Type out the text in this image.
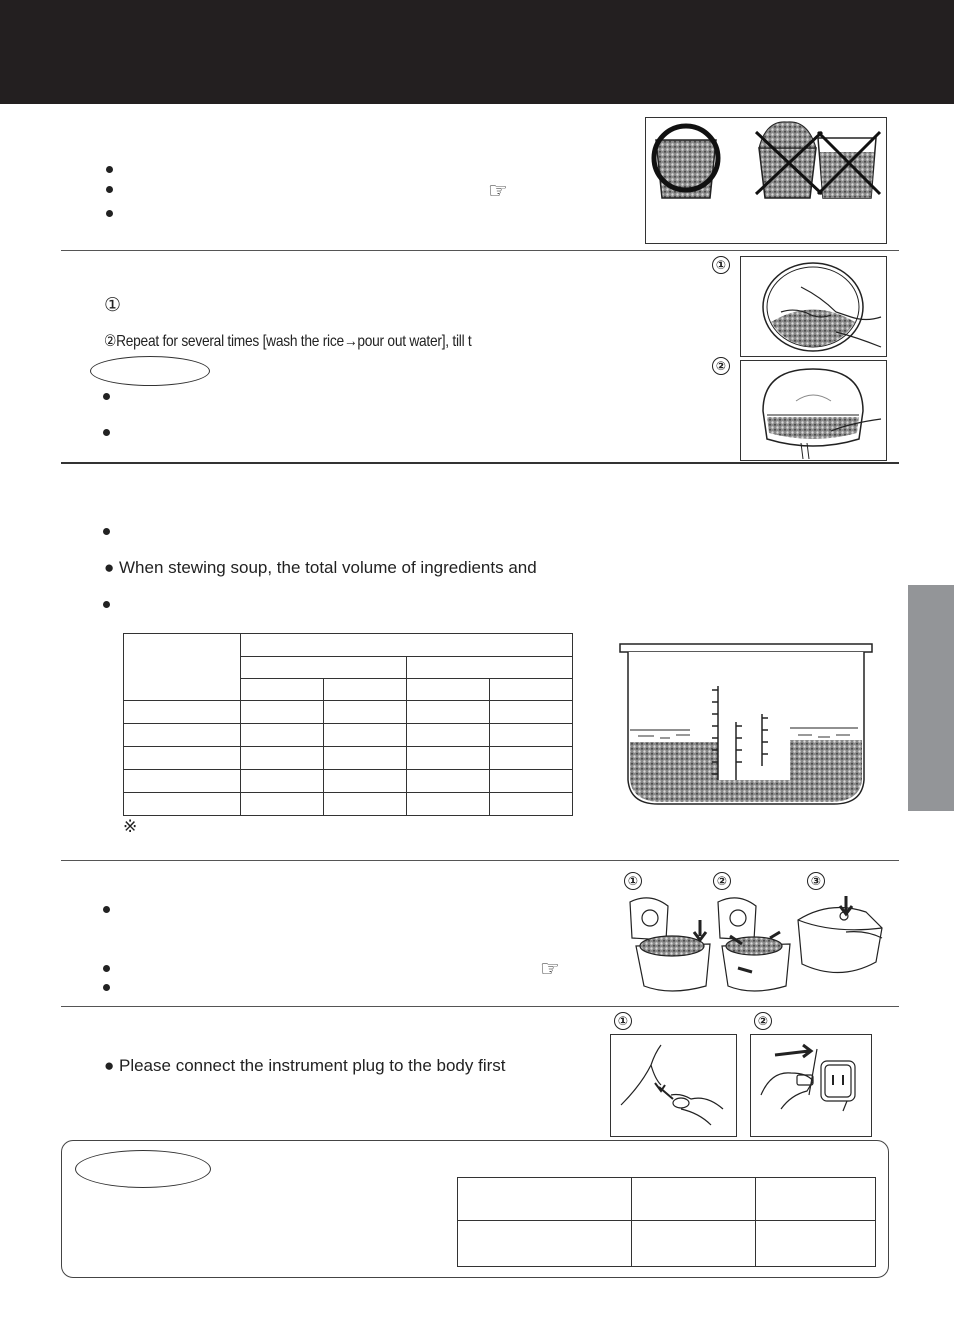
☞
①
②Repeat for several times [wash the rice→pour out water], till t
①
②
● When stewing soup, the total volume of ingredients and

※
☞
①	②	③
● Please connect the instrument plug to the body first
①	②
